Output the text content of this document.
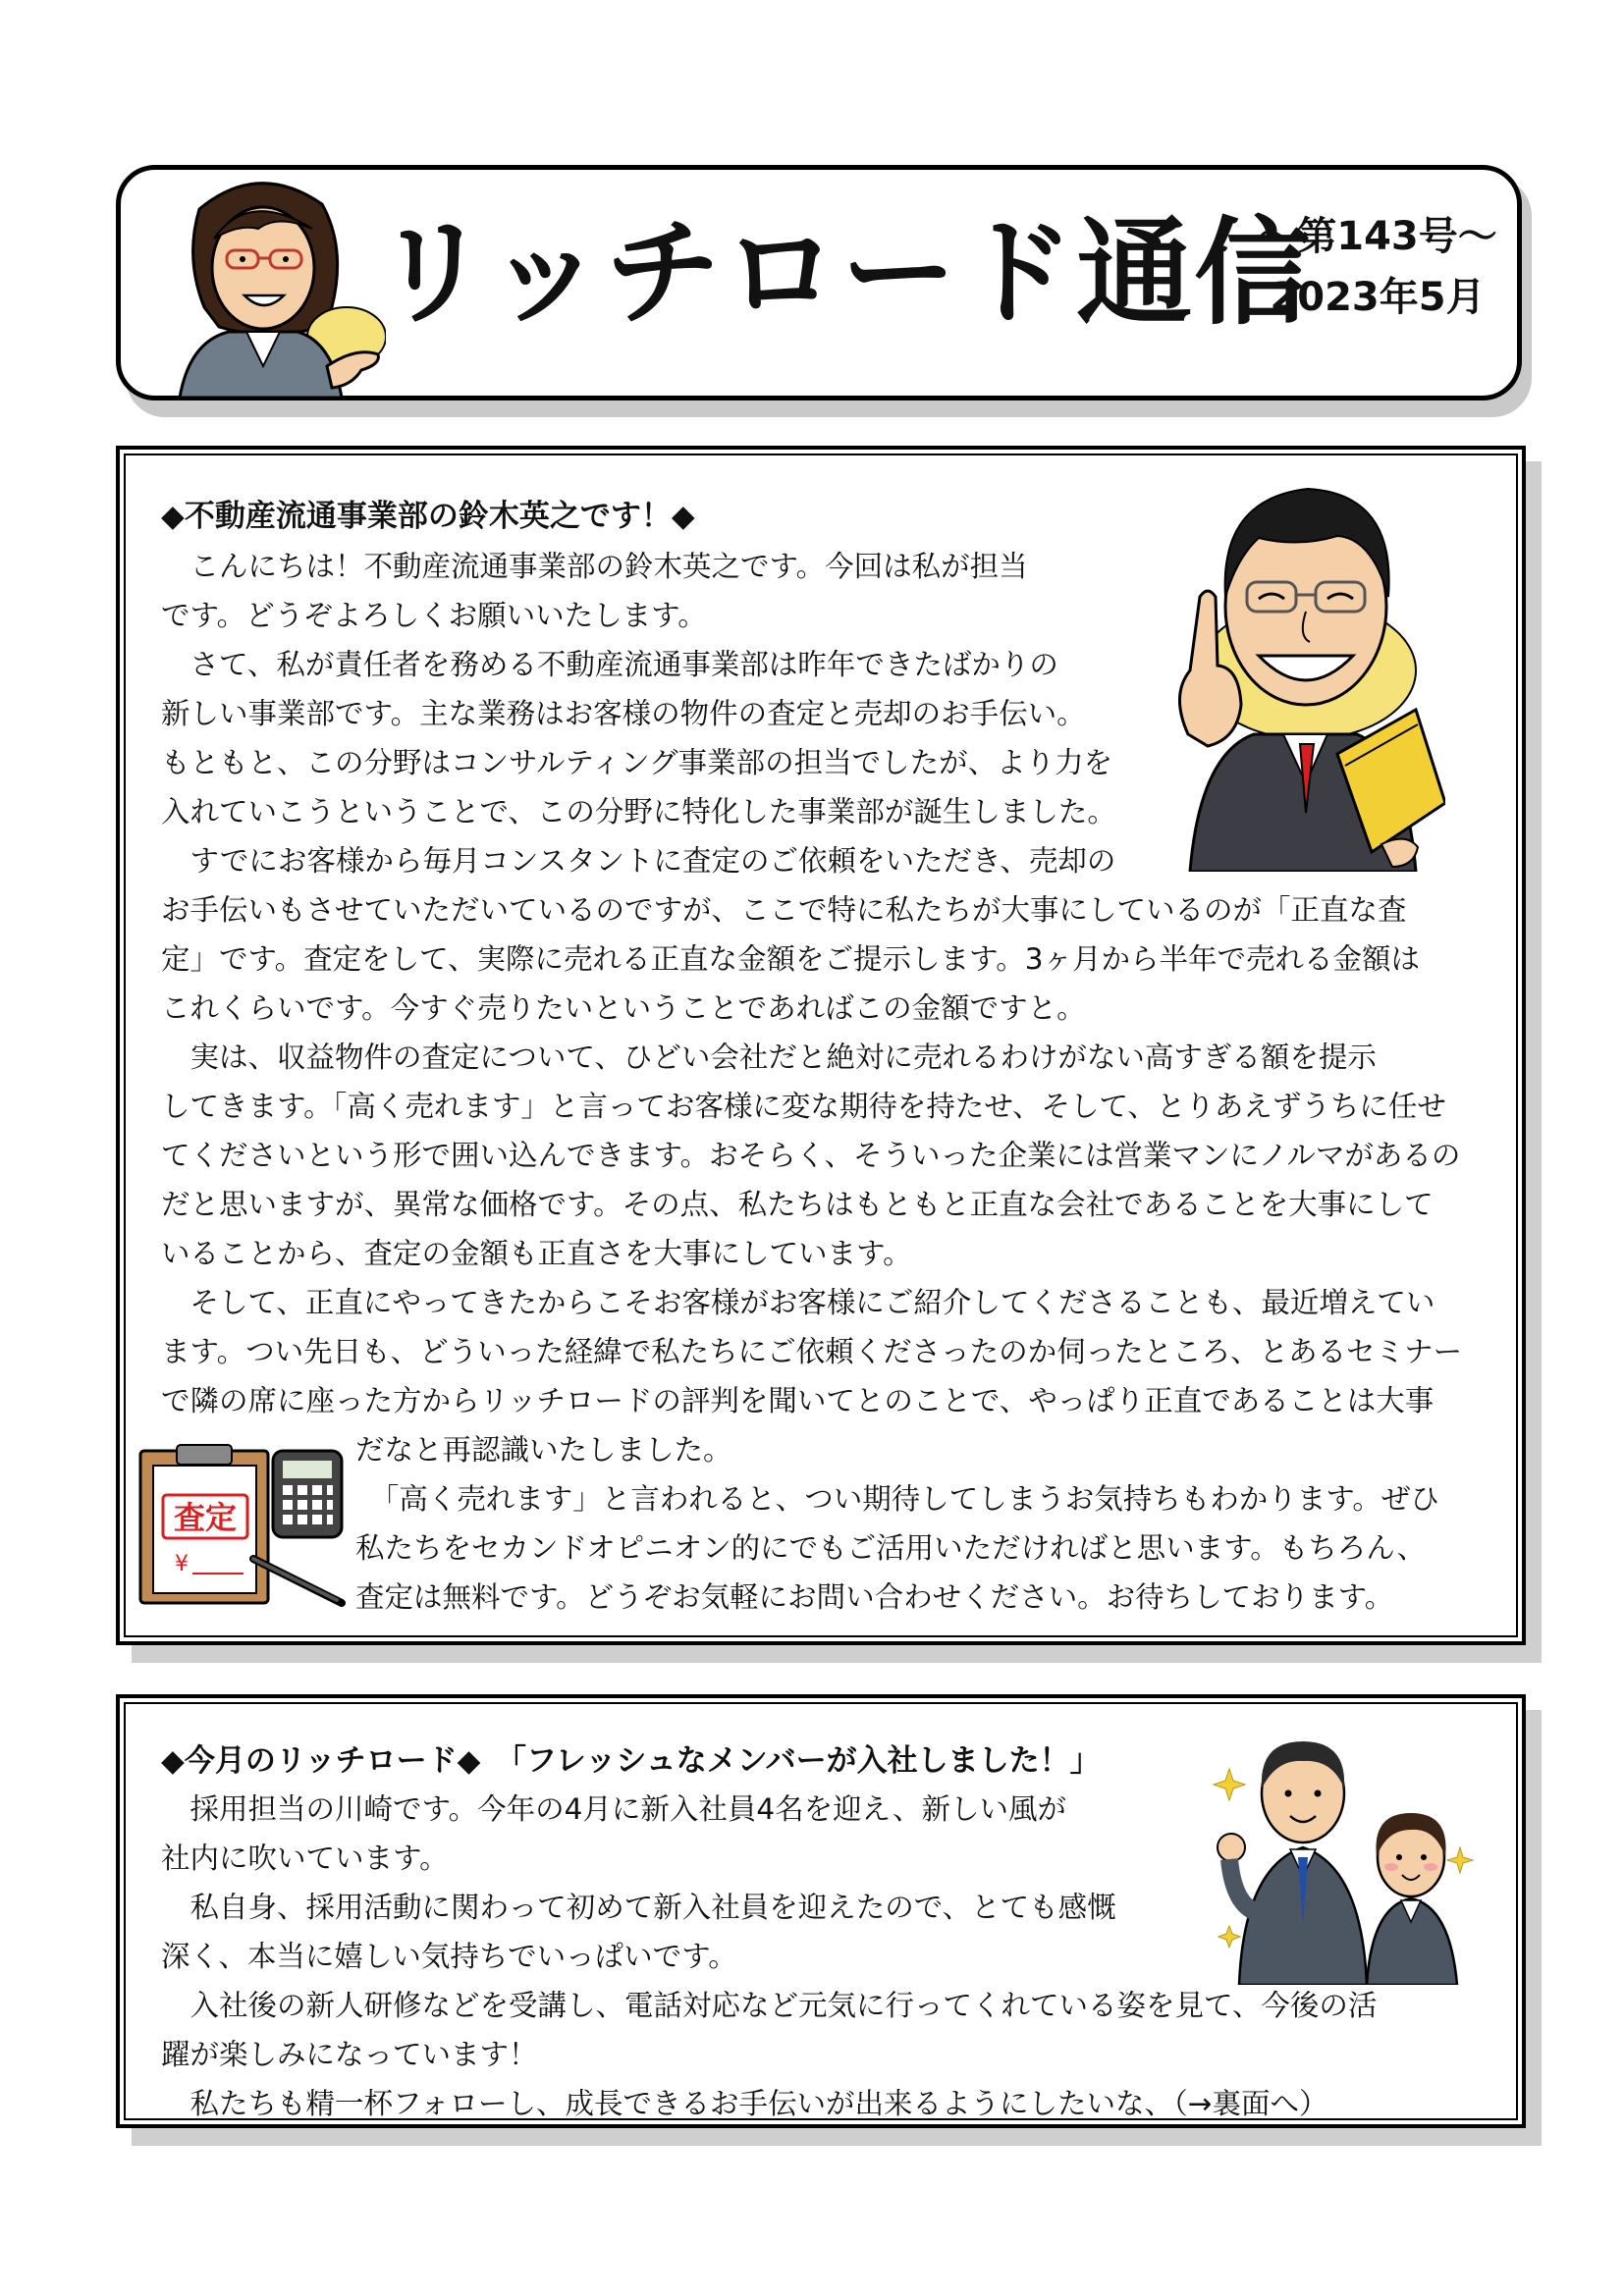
リッチロード通信
～第143号～
2023年5月
◆不動産流通事業部の鈴木英之です！◆
　こんにちは！不動産流通事業部の鈴木英之です。今回は私が担当
です。どうぞよろしくお願いいたします。
　さて、私が責任者を務める不動産流通事業部は昨年できたばかりの
新しい事業部です。主な業務はお客様の物件の査定と売却のお手伝い。
もともと、この分野はコンサルティング事業部の担当でしたが、より力を
入れていこうということで、この分野に特化した事業部が誕生しました。
　すでにお客様から毎月コンスタントに査定のご依頼をいただき、売却の
お手伝いもさせていただいているのですが、ここで特に私たちが大事にしているのが「正直な査
定」です。査定をして、実際に売れる正直な金額をご提示します。3ヶ月から半年で売れる金額は
これくらいです。今すぐ売りたいということであればこの金額ですと。
　実は、収益物件の査定について、ひどい会社だと絶対に売れるわけがない高すぎる額を提示
してきます。「高く売れます」と言ってお客様に変な期待を持たせ、そして、とりあえずうちに任せ
てくださいという形で囲い込んできます。おそらく、そういった企業には営業マンにノルマがあるの
だと思いますが、異常な価格です。その点、私たちはもともと正直な会社であることを大事にして
いることから、査定の金額も正直さを大事にしています。
　そして、正直にやってきたからこそお客様がお客様にご紹介してくださることも、最近増えてい
ます。つい先日も、どういった経緯で私たちにご依頼くださったのか伺ったところ、とあるセミナー
で隣の席に座った方からリッチロードの評判を聞いてとのことで、やっぱり正直であることは大事
だなと再認識いたしました。
　「高く売れます」と言われると、つい期待してしまうお気持ちもわかります。ぜひ
私たちをセカンドオピニオン的にでもご活用いただければと思います。もちろん、
査定は無料です。どうぞお気軽にお問い合わせください。お待ちしております。
査定
¥
◆今月のリッチロード◆　「フレッシュなメンバーが入社しました！」
　採用担当の川崎です。今年の4月に新入社員4名を迎え、新しい風が
社内に吹いています。
　私自身、採用活動に関わって初めて新入社員を迎えたので、とても感慨
深く、本当に嬉しい気持ちでいっぱいです。
　入社後の新人研修などを受講し、電話対応など元気に行ってくれている姿を見て、今後の活
躍が楽しみになっています！
　私たちも精一杯フォローし、成長できるお手伝いが出来るようにしたいな、（→裏面へ）
